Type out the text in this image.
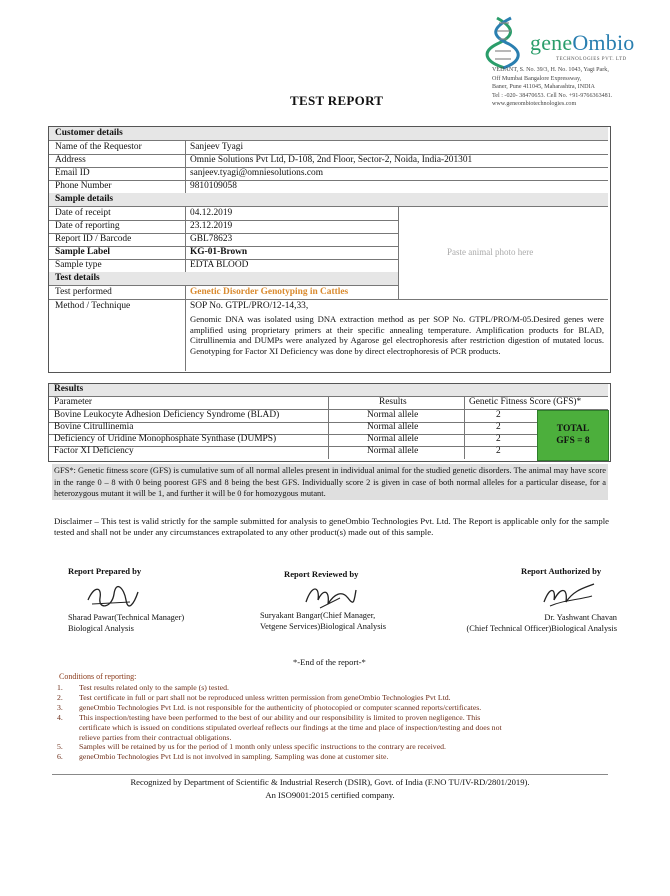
geneOmbio
TECHNOLOGIES PVT. LTD
VEDANT, S. No. 39/3, H. No. 1043, Yagi Park,
Off Mumbai Bangalore Expressway,
Baner, Pune 411045, Maharashtra, INDIA
Tel : -020- 38470653. Cell No. +91-9766363481.
www.geneombiotechnologies.com
TEST REPORT
Customer details
Name of the Requestor	Sanjeev Tyagi
Address	Omnie Solutions Pvt Ltd, D-108, 2nd Floor, Sector-2, Noida, India-201301
Email ID	sanjeev.tyagi@omniesolutions.com
Phone Number	9810109058
Sample details
Date of receipt	04.12.2019
Date of reporting	23.12.2019
Report ID / Barcode	GBL78623
Sample Label	KG-01-Brown
Sample type	EDTA BLOOD
Paste animal photo here
Test details
Test performed	Genetic Disorder Genotyping in Cattles
Method / Technique	SOP No. GTPL/PRO/12-14,33,
Genomic DNA was isolated using DNA extraction method as per SOP No. GTPL/PRO/M-05.Desired genes were amplified using proprietary primers at their specific annealing temperature. Amplification products for BLAD, Citrullinemia and DUMPs were analyzed by Agarose gel electrophoresis after restriction digestion of mutated locus. Genotyping for Factor XI Deficiency was done by direct electrophoresis of PCR products.
Results
Parameter	Results	Genetic Fitness Score (GFS)*
Bovine Leukocyte Adhesion Deficiency Syndrome (BLAD)	Normal allele	2
Bovine Citrullinemia	Normal allele	2
Deficiency of Uridine Monophosphate Synthase (DUMPS)	Normal allele	2
Factor XI Deficiency	Normal allele	2
TOTAL
GFS = 8
GFS*: Genetic fitness score (GFS) is cumulative sum of all normal alleles present in individual animal for the studied genetic disorders. The animal may have score in the range 0 – 8 with 0 being poorest GFS and 8 being the best GFS. Individually score 2 is given in case of both normal alleles for a particular disease, for a heterozygous mutant it will be 1, and further it will be 0 for homozygous mutant.
Disclaimer – This test is valid strictly for the sample submitted for analysis to geneOmbio Technologies Pvt. Ltd. The Report is applicable only for the sample tested and shall not be under any circumstances extrapolated to any other product(s) made out of this sample.
Report Prepared by
Sharad Pawar(Technical Manager)
Biological Analysis
Report Reviewed by
Suryakant Bangar(Chief Manager,
Vetgene Services)Biological Analysis
Report Authorized by
Dr. Yashwant Chavan
(Chief Technical Officer)Biological Analysis
*-End of the report-*
Conditions of reporting:
1. Test results related only to the sample (s) tested.
2. Test certificate in full or part shall not be reproduced unless written permission from geneOmbio Technologies Pvt Ltd.
3. geneOmbio Technologies Pvt Ltd. is not responsible for the authenticity of photocopied or computer scanned reports/certificates.
4. This inspection/testing have been performed to the best of our ability and our responsibility is limited to proven negligence. This
certificate which is issued on conditions stipulated overleaf reflects our findings at the time and place of inspection/testing and does not
relieve parties from their contractual obligations.
5. Samples will be retained by us for the period of 1 month only unless specific instructions to the contrary are received.
6. geneOmbio Technologies Pvt Ltd is not involved in sampling. Sampling was done at customer site.
Recognized by Department of Scientific & Industrial Reserch (DSIR), Govt. of India (F.NO TU/IV-RD/2801/2019).
An ISO9001:2015 certified company.
